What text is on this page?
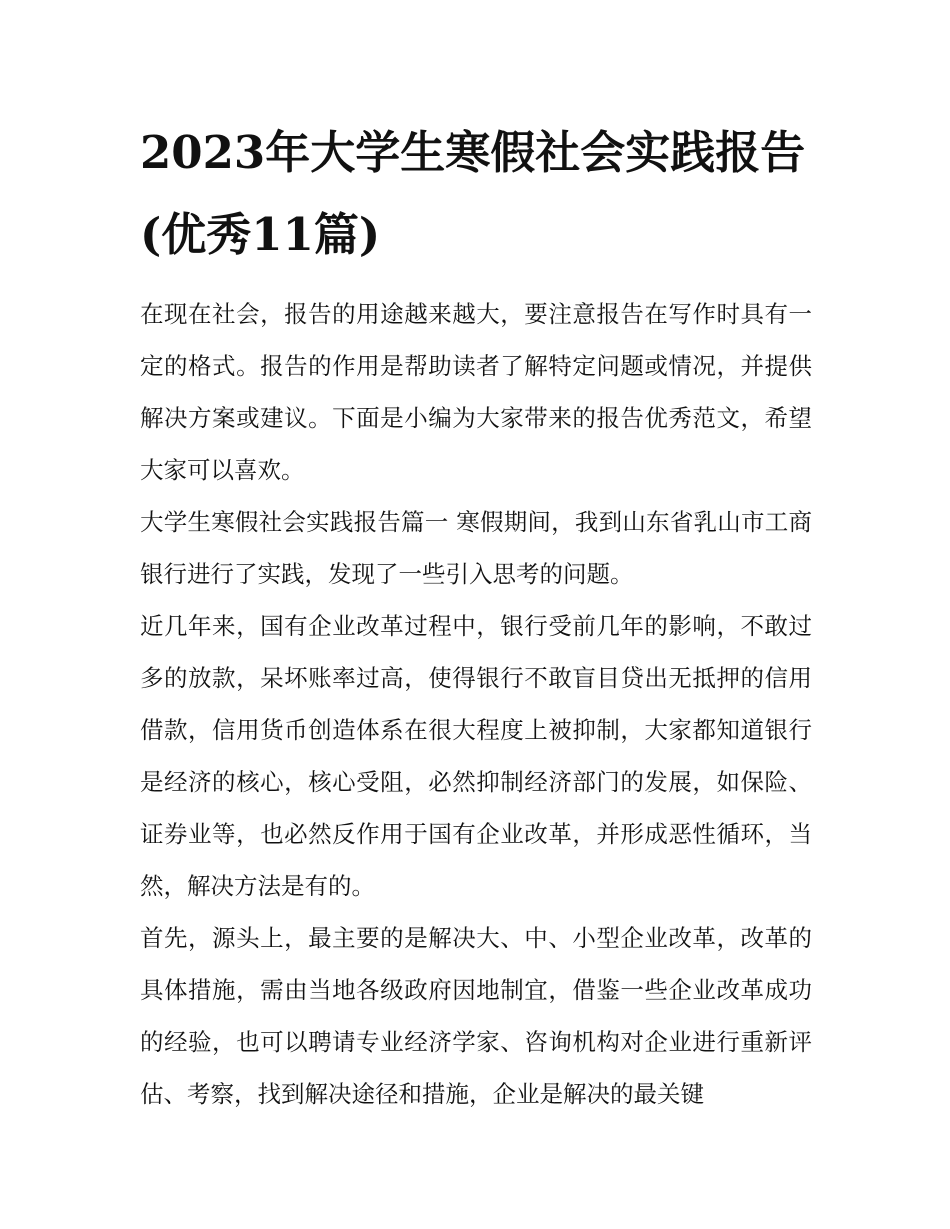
2023年大学生寒假社会实践报告(优秀11篇)

在现在社会，报告的用途越来越大，要注意报告在写作时具有一定的格式。报告的作用是帮助读者了解特定问题或情况，并提供解决方案或建议。下面是小编为大家带来的报告优秀范文，希望大家可以喜欢。

大学生寒假社会实践报告篇一 寒假期间，我到山东省乳山市工商银行进行了实践，发现了一些引入思考的问题。

近几年来，国有企业改革过程中，银行受前几年的影响，不敢过多的放款，呆坏账率过高，使得银行不敢盲目贷出无抵押的信用借款，信用货币创造体系在很大程度上被抑制，大家都知道银行是经济的核心，核心受阻，必然抑制经济部门的发展，如保险、证券业等，也必然反作用于国有企业改革，并形成恶性循环，当然，解决方法是有的。

首先，源头上，最主要的是解决大、中、小型企业改革，改革的具体措施，需由当地各级政府因地制宜，借鉴一些企业改革成功的经验，也可以聘请专业经济学家、咨询机构对企业进行重新评估、考察，找到解决途径和措施，企业是解决的最关键
